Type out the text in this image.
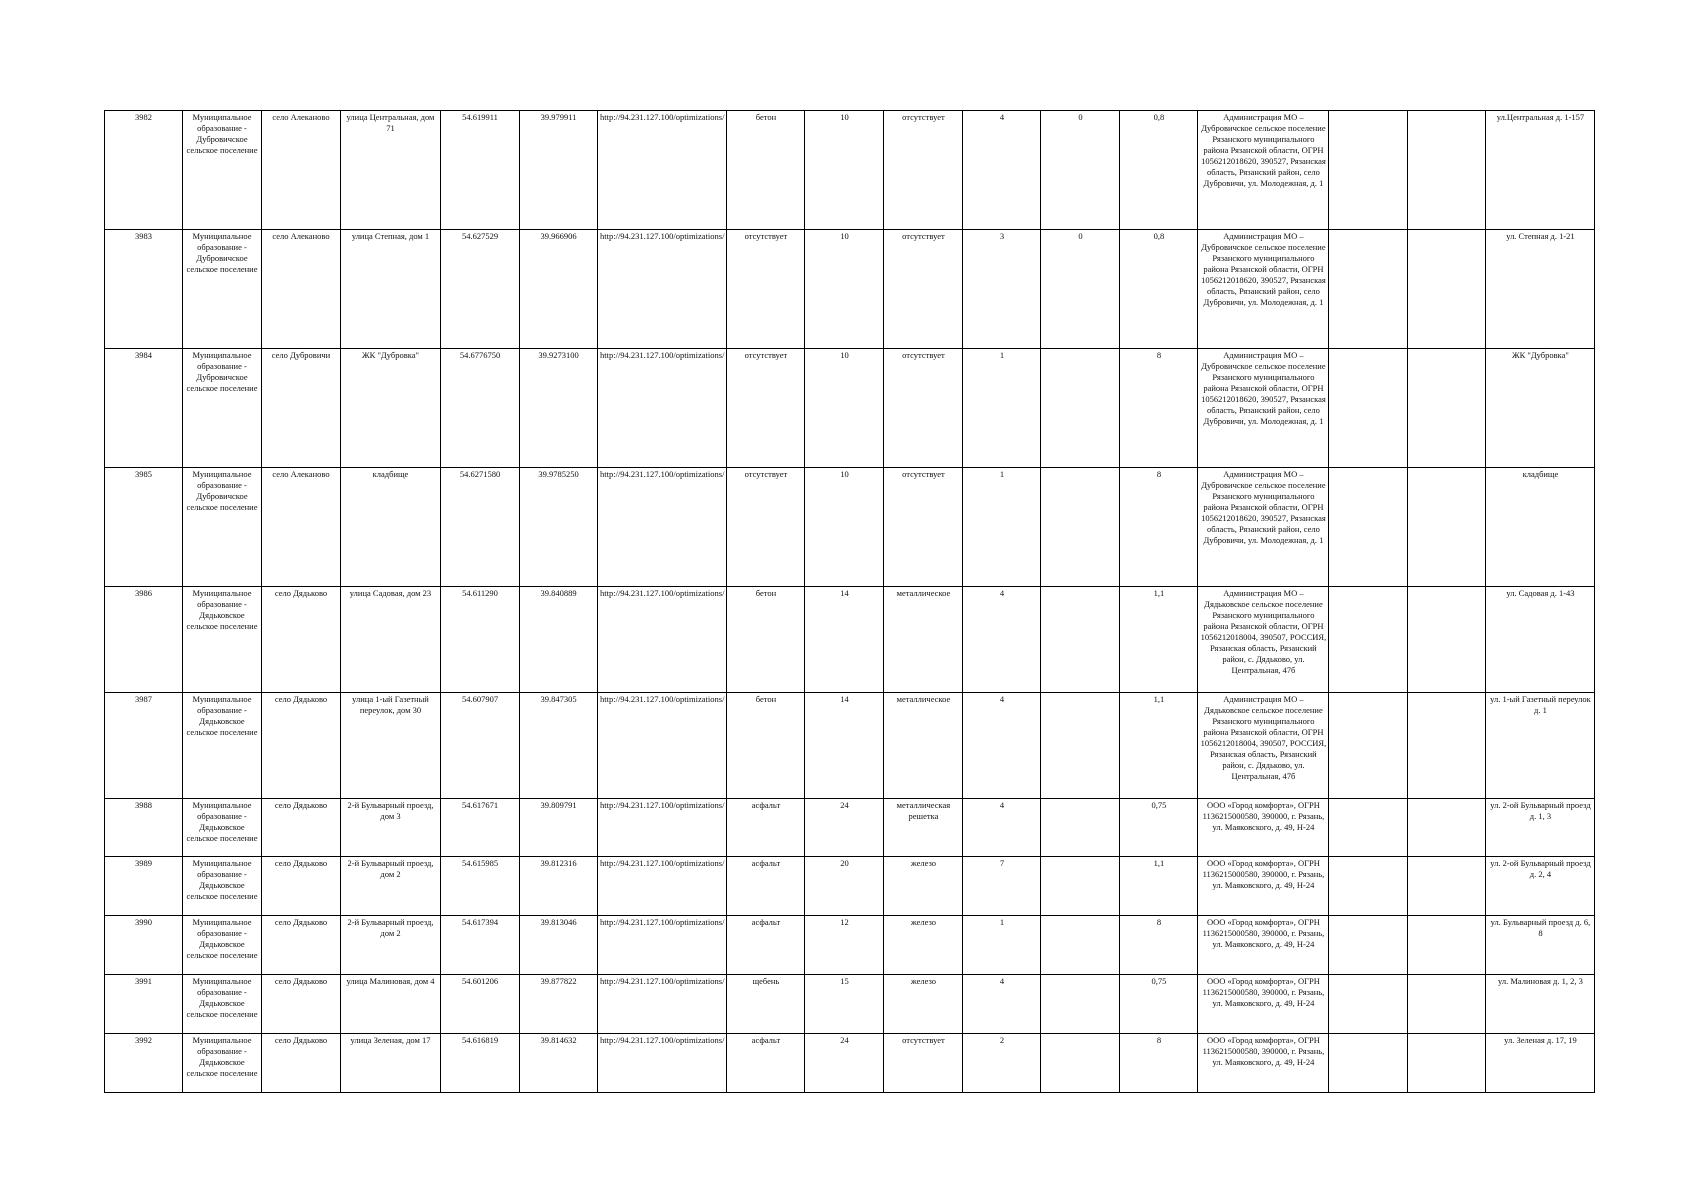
3982	Муниципальное образование - Дубровичское сельское поселение	село Алеканово	улица Центральная, дом 71	54.619911	39.979911	http://94.231.127.100/optimizations/	бетон	10	отсутствует	4	0	0,8	Администрация МО – Дубровичское сельское поселение Рязанского муниципального района Рязанской области, ОГРН 1056212018620, 390527, Рязанская область, Рязанский район, село Дубровичи, ул. Молодежная, д. 1			ул.Центральная д. 1-157
3983	Муниципальное образование - Дубровичское сельское поселение	село Алеканово	улица Степная, дом 1	54.627529	39.966906	http://94.231.127.100/optimizations/	отсутствует	10	отсутствует	3	0	0,8	Администрация МО – Дубровичское сельское поселение Рязанского муниципального района Рязанской области, ОГРН 1056212018620, 390527, Рязанская область, Рязанский район, село Дубровичи, ул. Молодежная, д. 1			ул. Степная д. 1-21
3984	Муниципальное образование - Дубровичское сельское поселение	село Дубровичи	ЖК "Дубровка"	54.6776750	39.9273100	http://94.231.127.100/optimizations/	отсутствует	10	отсутствует	1		8	Администрация МО – Дубровичское сельское поселение Рязанского муниципального района Рязанской области, ОГРН 1056212018620, 390527, Рязанская область, Рязанский район, село Дубровичи, ул. Молодежная, д. 1			ЖК "Дубровка"
3985	Муниципальное образование - Дубровичское сельское поселение	село Алеканово	кладбище	54.6271580	39.9785250	http://94.231.127.100/optimizations/	отсутствует	10	отсутствует	1		8	Администрация МО – Дубровичское сельское поселение Рязанского муниципального района Рязанской области, ОГРН 1056212018620, 390527, Рязанская область, Рязанский район, село Дубровичи, ул. Молодежная, д. 1			кладбище
3986	Муниципальное образование - Дядьковское сельское поселение	село Дядьково	улица Садовая, дом 23	54.611290	39.840889	http://94.231.127.100/optimizations/	бетон	14	металлическое	4		1,1	Администрация МО – Дядьковское сельское поселение Рязанского муниципального района Рязанской области, ОГРН 1056212018004, 390507, РОССИЯ, Рязанская область, Рязанский район, с. Дядьково, ул. Центральная, 47б			ул. Садовая д. 1-43
3987	Муниципальное образование - Дядьковское сельское поселение	село Дядьково	улица 1-ый Газетный переулок, дом 30	54.607907	39.847305	http://94.231.127.100/optimizations/	бетон	14	металлическое	4		1,1	Администрация МО – Дядьковское сельское поселение Рязанского муниципального района Рязанской области, ОГРН 1056212018004, 390507, РОССИЯ, Рязанская область, Рязанский район, с. Дядьково, ул. Центральная, 47б			ул. 1-ый Газетный переулок д. 1
3988	Муниципальное образование - Дядьковское сельское поселение	село Дядьково	2-й Бульварный проезд, дом 3	54.617671	39.809791	http://94.231.127.100/optimizations/	асфальт	24	металлическая решетка	4		0,75	ООО «Город комфорта», ОГРН 1136215000580, 390000, г. Рязань, ул. Маяковского, д. 49, Н-24			ул. 2-ой Бульварный проезд д. 1, 3
3989	Муниципальное образование - Дядьковское сельское поселение	село Дядьково	2-й Бульварный проезд, дом 2	54.615985	39.812316	http://94.231.127.100/optimizations/	асфальт	20	железо	7		1,1	ООО «Город комфорта», ОГРН 1136215000580, 390000, г. Рязань, ул. Маяковского, д. 49, Н-24			ул. 2-ой Бульварный проезд д. 2, 4
3990	Муниципальное образование - Дядьковское сельское поселение	село Дядьково	2-й Бульварный проезд, дом 2	54.617394	39.813046	http://94.231.127.100/optimizations/	асфальт	12	железо	1		8	ООО «Город комфорта», ОГРН 1136215000580, 390000, г. Рязань, ул. Маяковского, д. 49, Н-24			ул. Бульварный проезд д. 6, 8
3991	Муниципальное образование - Дядьковское сельское поселение	село Дядьково	улица Малиновая, дом 4	54.601206	39.877822	http://94.231.127.100/optimizations/	щебень	15	железо	4		0,75	ООО «Город комфорта», ОГРН 1136215000580, 390000, г. Рязань, ул. Маяковского, д. 49, Н-24			ул. Малиновая д. 1, 2, 3
3992	Муниципальное образование - Дядьковское сельское поселение	село Дядьково	улица Зеленая, дом 17	54.616819	39.814632	http://94.231.127.100/optimizations/	асфальт	24	отсутствует	2		8	ООО «Город комфорта», ОГРН 1136215000580, 390000, г. Рязань, ул. Маяковского, д. 49, Н-24			ул. Зеленая д. 17, 19
